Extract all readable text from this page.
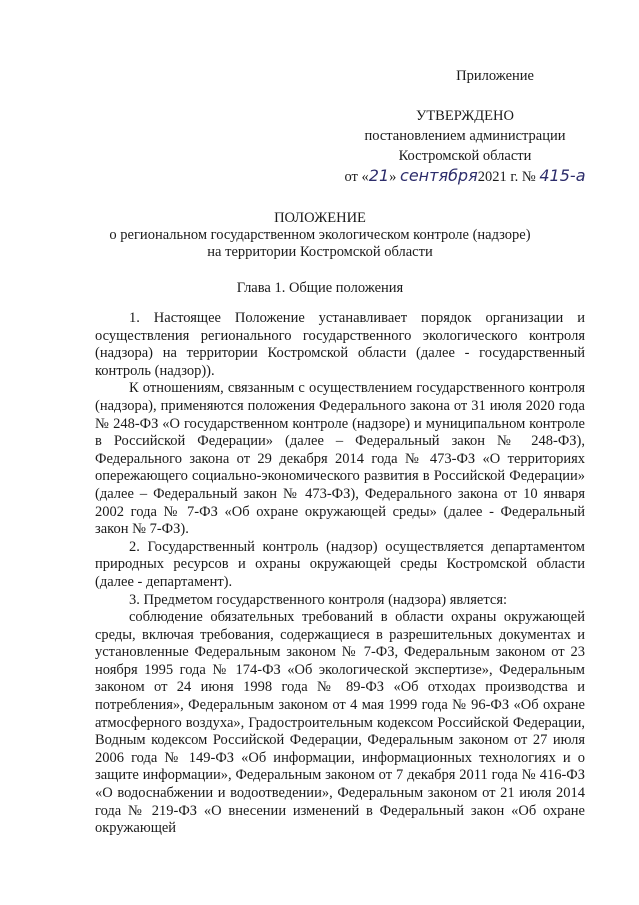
Приложение
УТВЕРЖДЕНО
постановлением администрации
Костромской области
от «21» сентября2021 г. № 415-а
ПОЛОЖЕНИЕ
о региональном государственном экологическом контроле (надзоре)
на территории Костромской области
Глава 1. Общие положения

1. Настоящее Положение устанавливает порядок организации и осуществления регионального государственного экологического контроля (надзора) на территории Костромской области (далее - государственный контроль (надзор)).

К отношениям, связанным с осуществлением государственного контроля (надзора), применяются положения Федерального закона от 31 июля 2020 года № 248-ФЗ «О государственном контроле (надзоре) и муниципальном контроле в Российской Федерации» (далее – Федеральный закон № 248-ФЗ), Федерального закона от 29 декабря 2014 года № 473-ФЗ «О территориях опережающего социально-экономического развития в Российской Федерации» (далее – Федеральный закон № 473-ФЗ), Федерального закона от 10 января 2002 года № 7-ФЗ «Об охране окружающей среды» (далее - Федеральный закон № 7-ФЗ).

2. Государственный контроль (надзор) осуществляется департаментом природных ресурсов и охраны окружающей среды Костромской области (далее - департамент).

3. Предметом государственного контроля (надзора) является:

соблюдение обязательных требований в области охраны окружающей среды, включая требования, содержащиеся в разрешительных документах и установленные Федеральным законом № 7-ФЗ, Федеральным законом от 23 ноября 1995 года № 174-ФЗ «Об экологической экспертизе», Федеральным законом от 24 июня 1998 года № 89-ФЗ «Об отходах производства и потребления», Федеральным законом от 4 мая 1999 года № 96-ФЗ «Об охране атмосферного воздуха», Градостроительным кодексом Российской Федерации, Водным кодексом Российской Федерации, Федеральным законом от 27 июля 2006 года № 149-ФЗ «Об информации, информационных технологиях и о защите информации», Федеральным законом от 7 декабря 2011 года № 416-ФЗ «О водоснабжении и водоотведении», Федеральным законом от 21 июля 2014 года № 219-ФЗ «О внесении изменений в Федеральный закон «Об охране окружающей
